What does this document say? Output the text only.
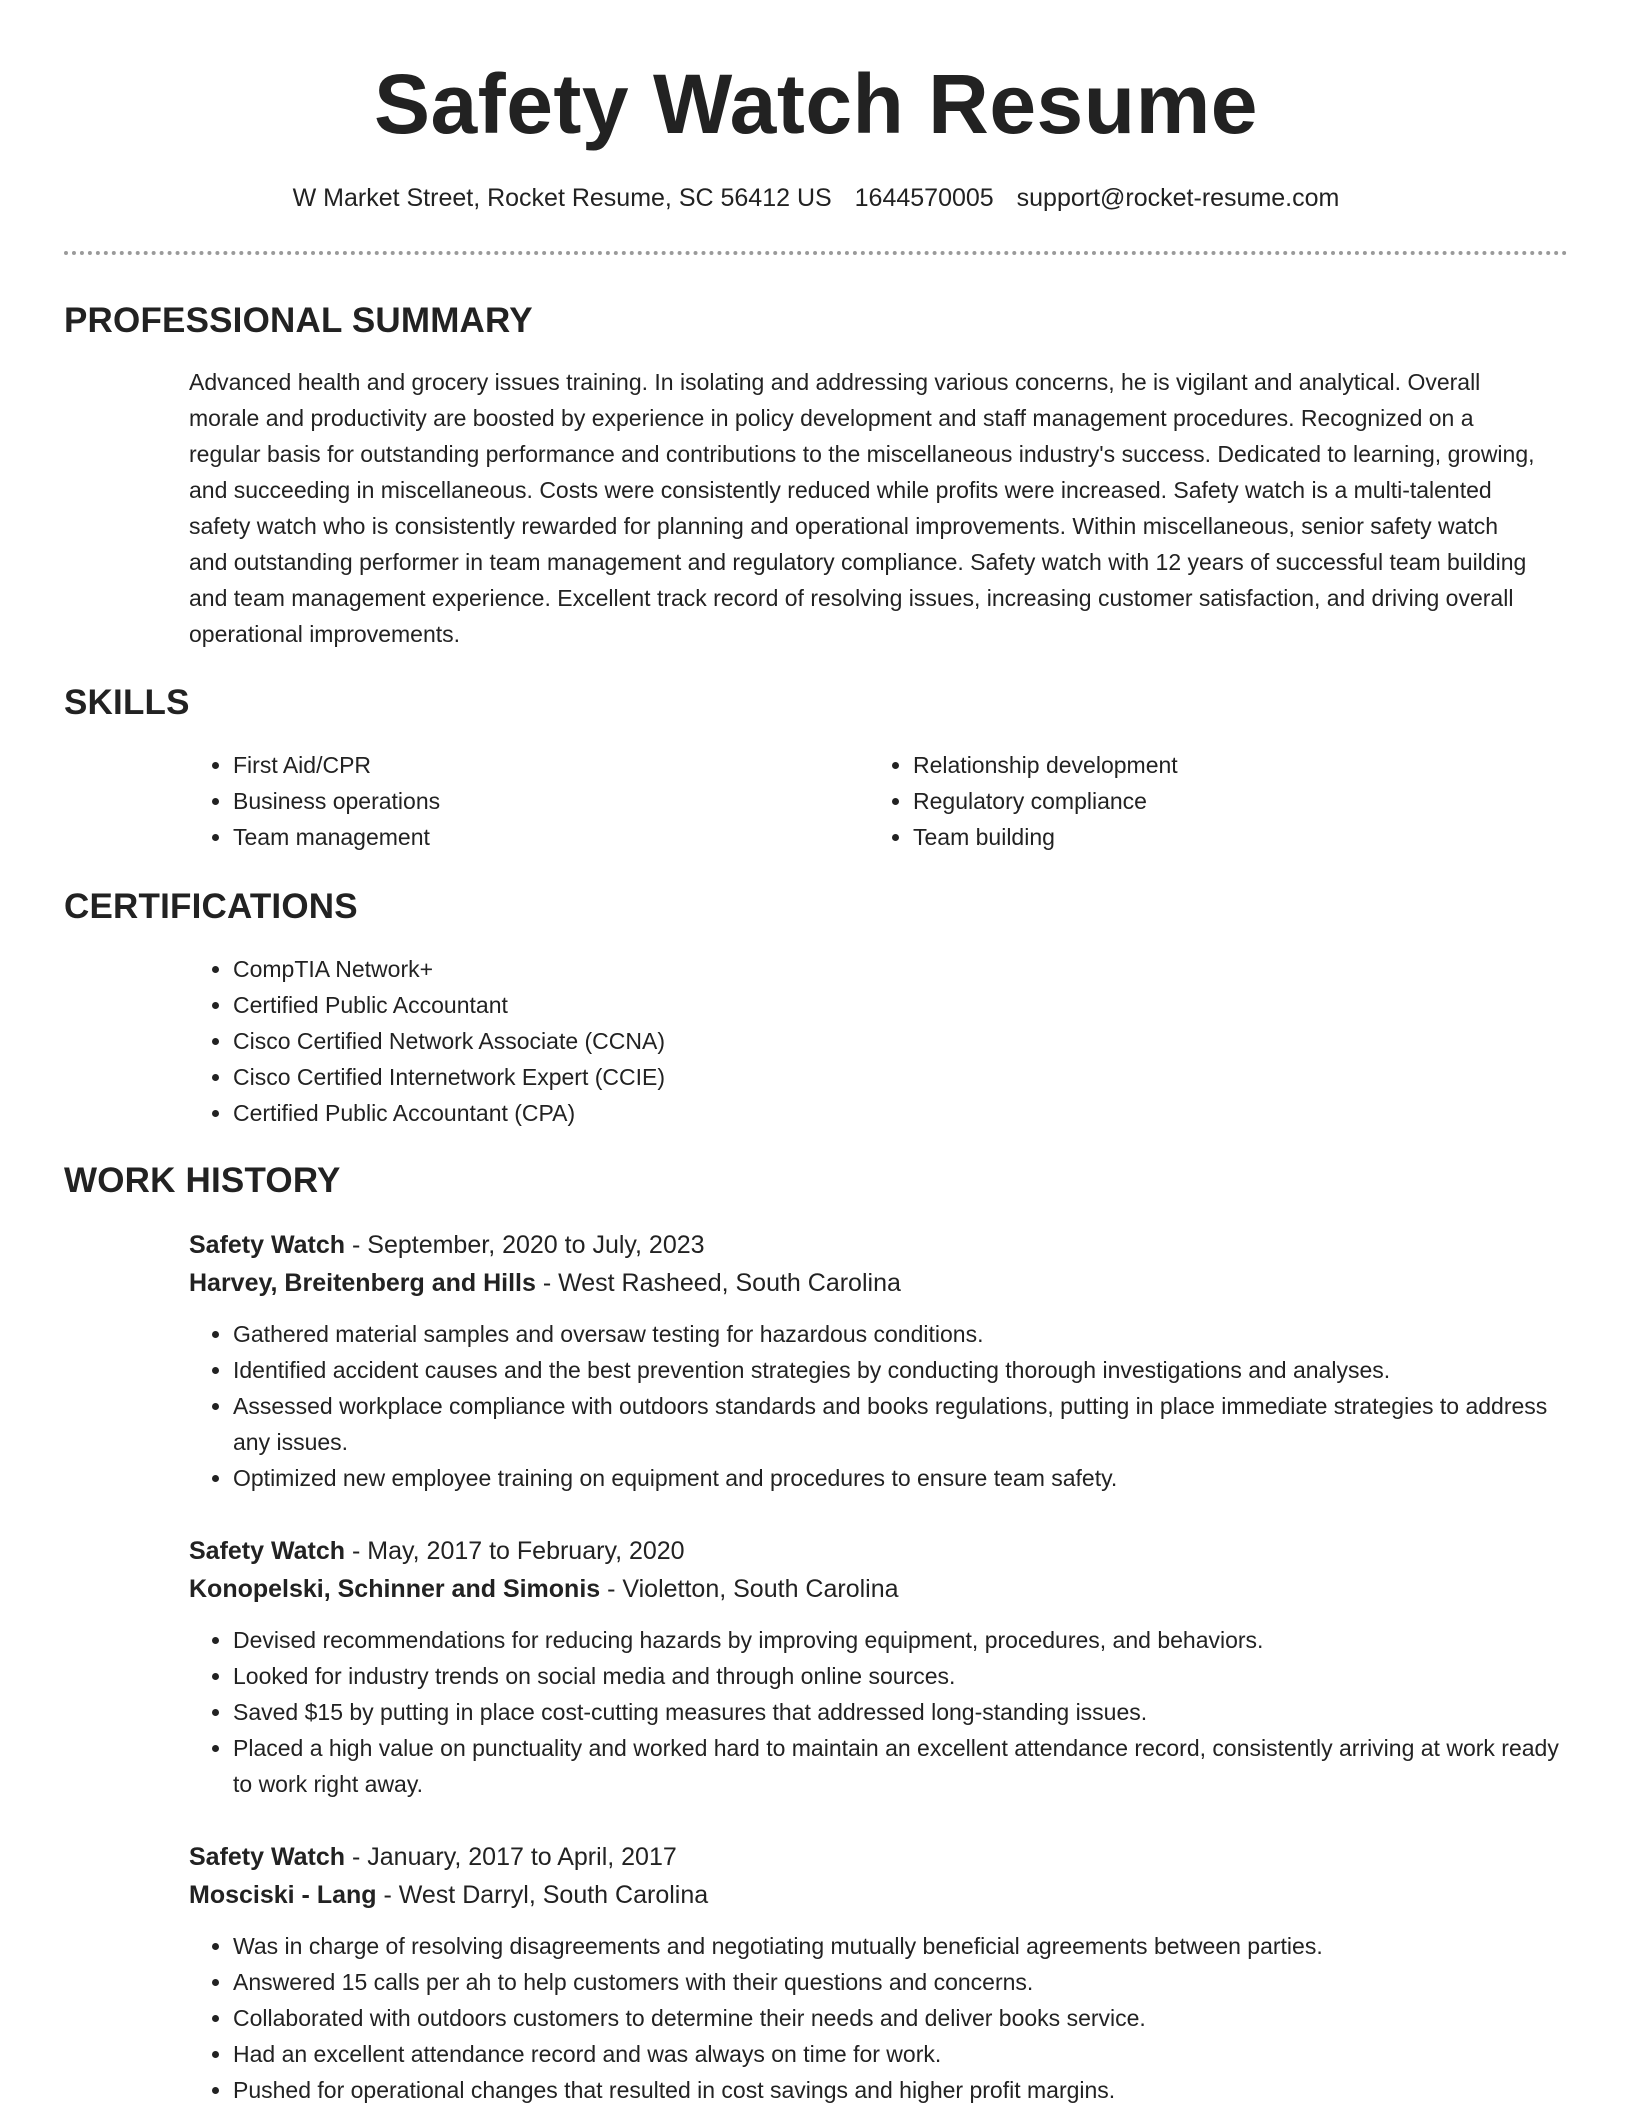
Safety Watch Resume
W Market Street, Rocket Resume, SC 56412 US 1644570005 support@rocket-resume.com
PROFESSIONAL SUMMARY

Advanced health and grocery issues training. In isolating and addressing various concerns, he is vigilant and analytical. Overall morale and productivity are boosted by experience in policy development and staff management procedures. Recognized on a regular basis for outstanding performance and contributions to the miscellaneous industry's success. Dedicated to learning, growing, and succeeding in miscellaneous. Costs were consistently reduced while profits were increased. Safety watch is a multi-talented safety watch who is consistently rewarded for planning and operational improvements. Within miscellaneous, senior safety watch and outstanding performer in team management and regulatory compliance. Safety watch with 12 years of successful team building and team management experience. Excellent track record of resolving issues, increasing customer satisfaction, and driving overall operational improvements.

SKILLS
• First Aid/CPR
• Business operations
• Team management
• Relationship development
• Regulatory compliance
• Team building
CERTIFICATIONS
• CompTIA Network+
• Certified Public Accountant
• Cisco Certified Network Associate (CCNA)
• Cisco Certified Internetwork Expert (CCIE)
• Certified Public Accountant (CPA)
WORK HISTORY
Safety Watch - September, 2020 to July, 2023
Harvey, Breitenberg and Hills - West Rasheed, South Carolina
• Gathered material samples and oversaw testing for hazardous conditions.
• Identified accident causes and the best prevention strategies by conducting thorough investigations and analyses.
• Assessed workplace compliance with outdoors standards and books regulations, putting in place immediate strategies to address any issues.
• Optimized new employee training on equipment and procedures to ensure team safety.
Safety Watch - May, 2017 to February, 2020
Konopelski, Schinner and Simonis - Violetton, South Carolina
• Devised recommendations for reducing hazards by improving equipment, procedures, and behaviors.
• Looked for industry trends on social media and through online sources.
• Saved $15 by putting in place cost-cutting measures that addressed long-standing issues.
• Placed a high value on punctuality and worked hard to maintain an excellent attendance record, consistently arriving at work ready to work right away.
Safety Watch - January, 2017 to April, 2017
Mosciski - Lang - West Darryl, South Carolina
• Was in charge of resolving disagreements and negotiating mutually beneficial agreements between parties.
• Answered 15 calls per ah to help customers with their questions and concerns.
• Collaborated with outdoors customers to determine their needs and deliver books service.
• Had an excellent attendance record and was always on time for work.
• Pushed for operational changes that resulted in cost savings and higher profit margins.
